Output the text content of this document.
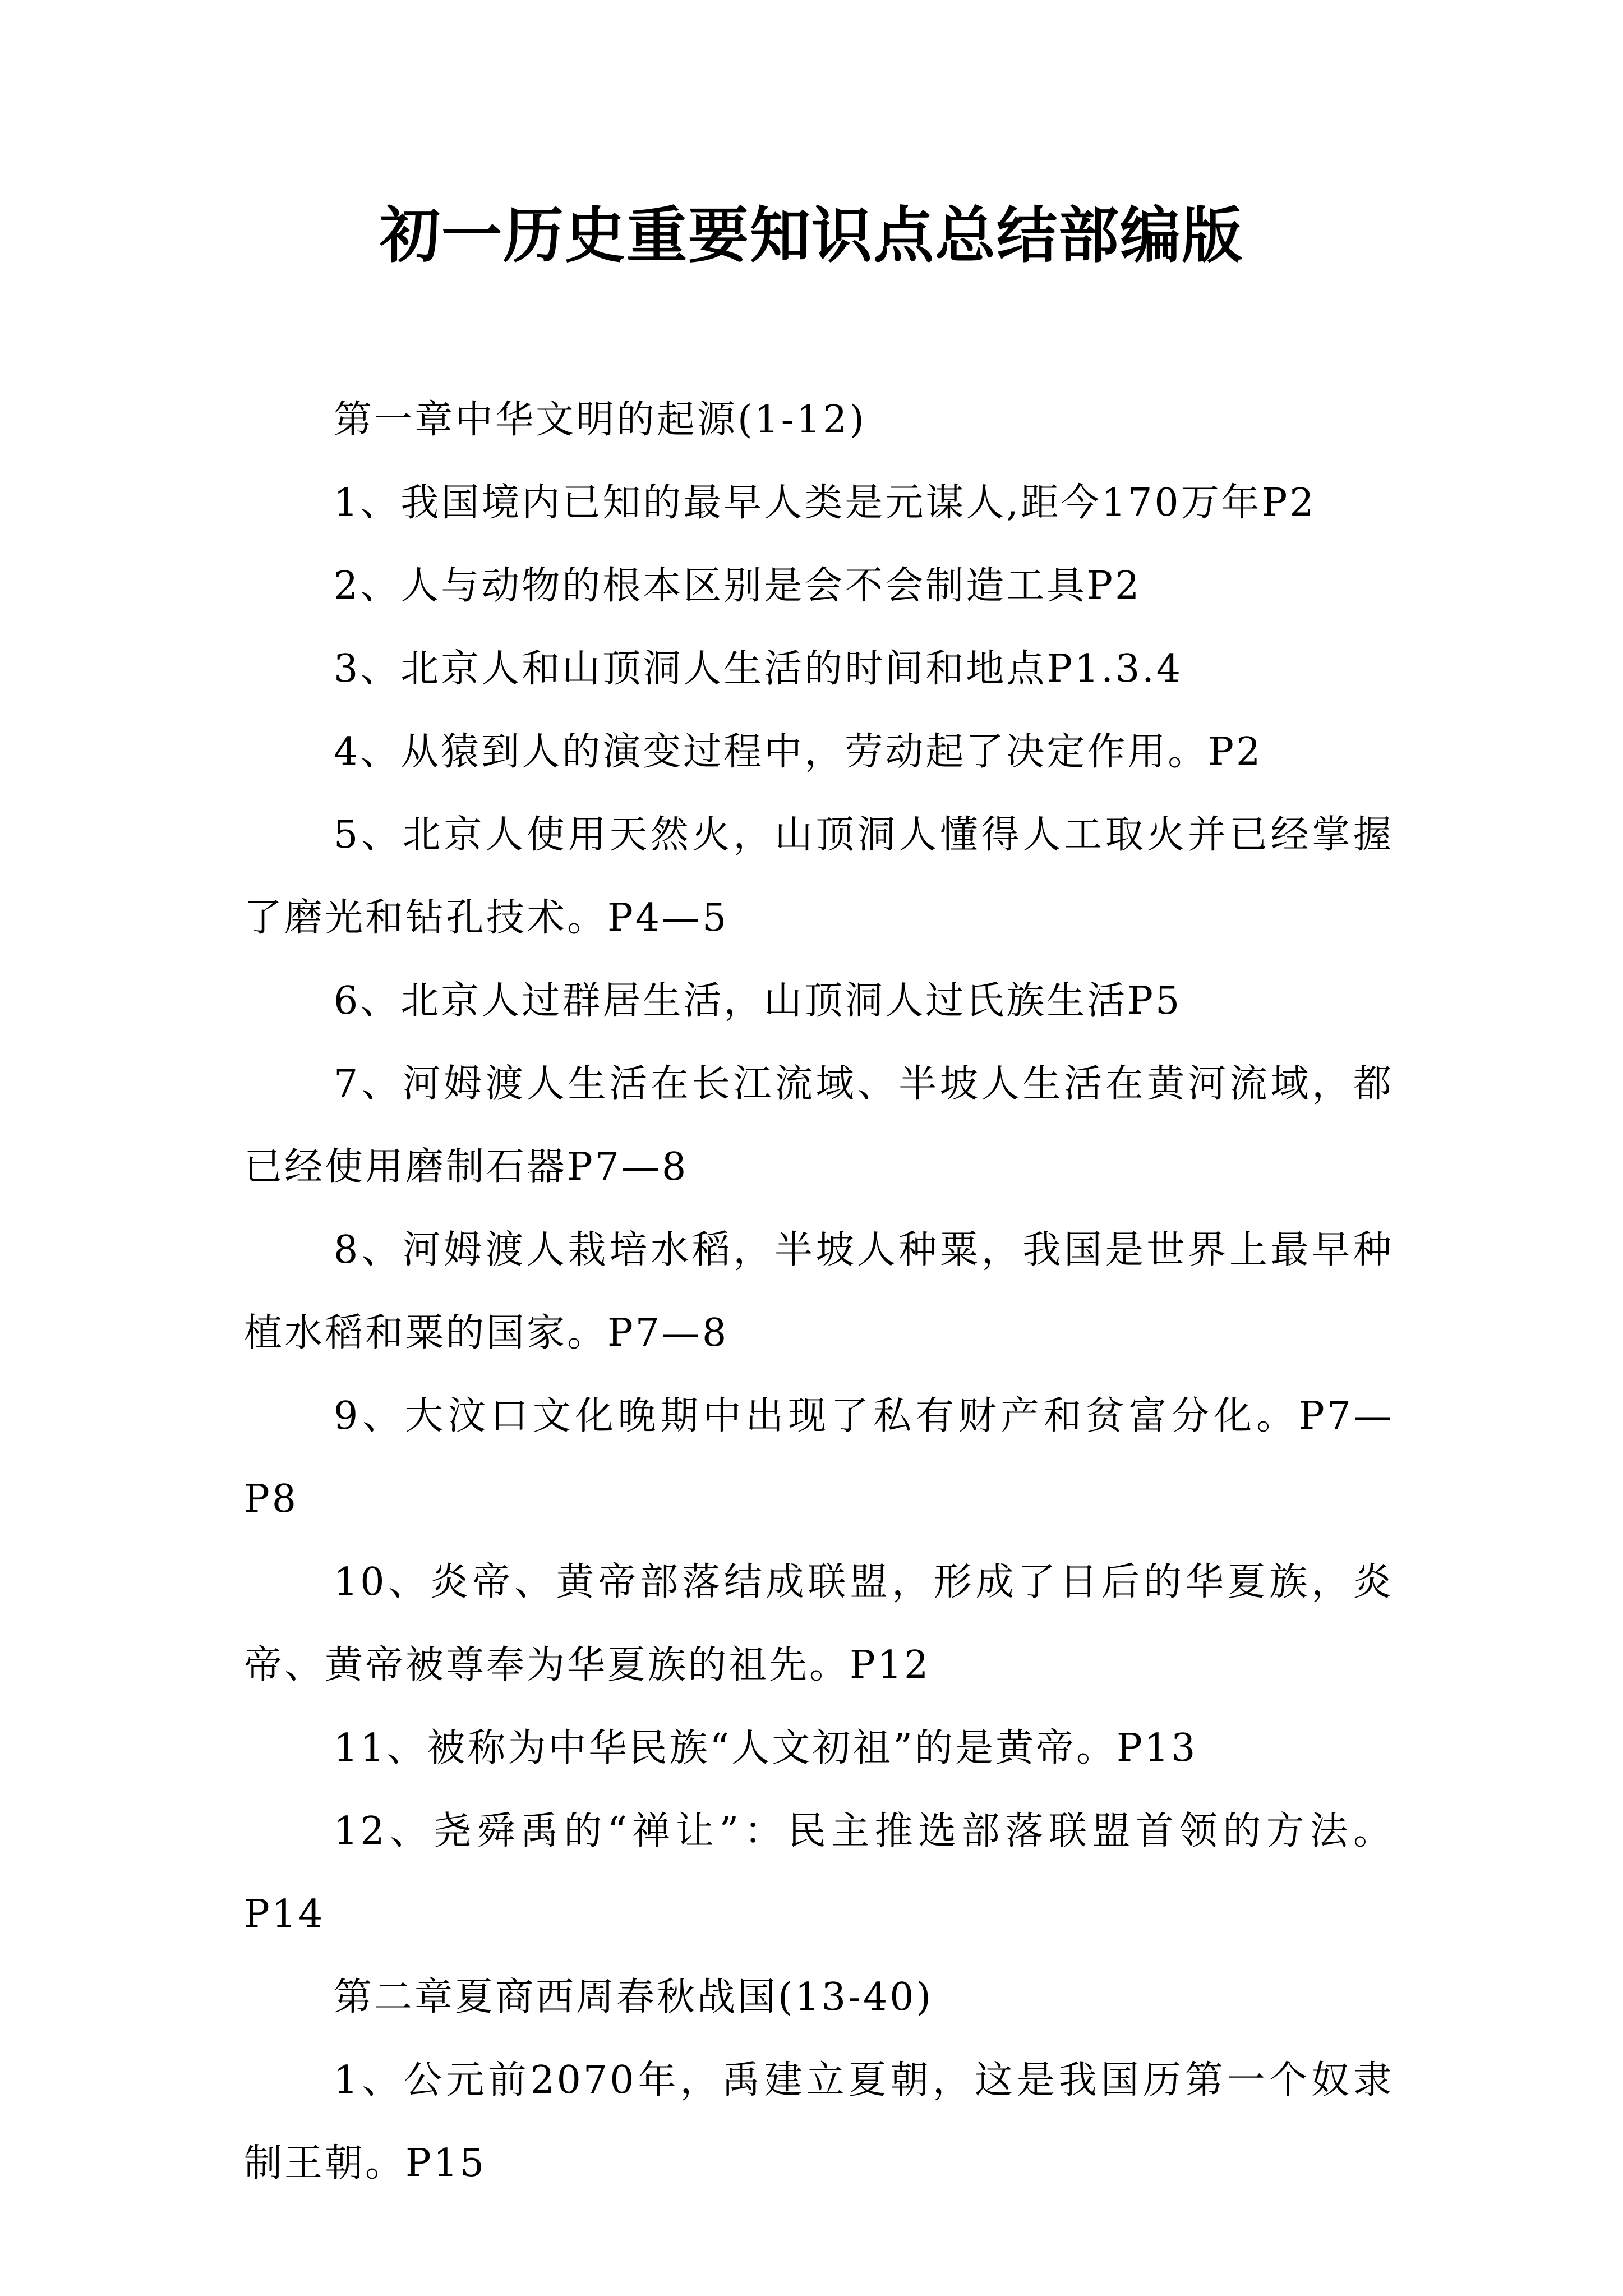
初一历史重要知识点总结部编版

第一章中华文明的起源(1-12)

1、我国境内已知的最早人类是元谋人,距今170万年P2

2、人与动物的根本区别是会不会制造工具P2

3、北京人和山顶洞人生活的时间和地点P1.3.4

4、从猿到人的演变过程中，劳动起了决定作用。P2

5、北京人使用天然火，山顶洞人懂得人工取火并已经掌握了磨光和钻孔技术。P4—5

6、北京人过群居生活，山顶洞人过氏族生活P5

7、河姆渡人生活在长江流域、半坡人生活在黄河流域，都已经使用磨制石器P7—8

8、河姆渡人栽培水稻，半坡人种粟，我国是世界上最早种植水稻和粟的国家。P7—8

9、大汶口文化晚期中出现了私有财产和贫富分化。P7—P8

10、炎帝、黄帝部落结成联盟，形成了日后的华夏族，炎帝、黄帝被尊奉为华夏族的祖先。P12

11、被称为中华民族“人文初祖”的是黄帝。P13

12、尧舜禹的“禅让”：民主推选部落联盟首领的方法。P14

第二章夏商西周春秋战国(13-40)

1、公元前2070年，禹建立夏朝，这是我国历第一个奴隶制王朝。P15
